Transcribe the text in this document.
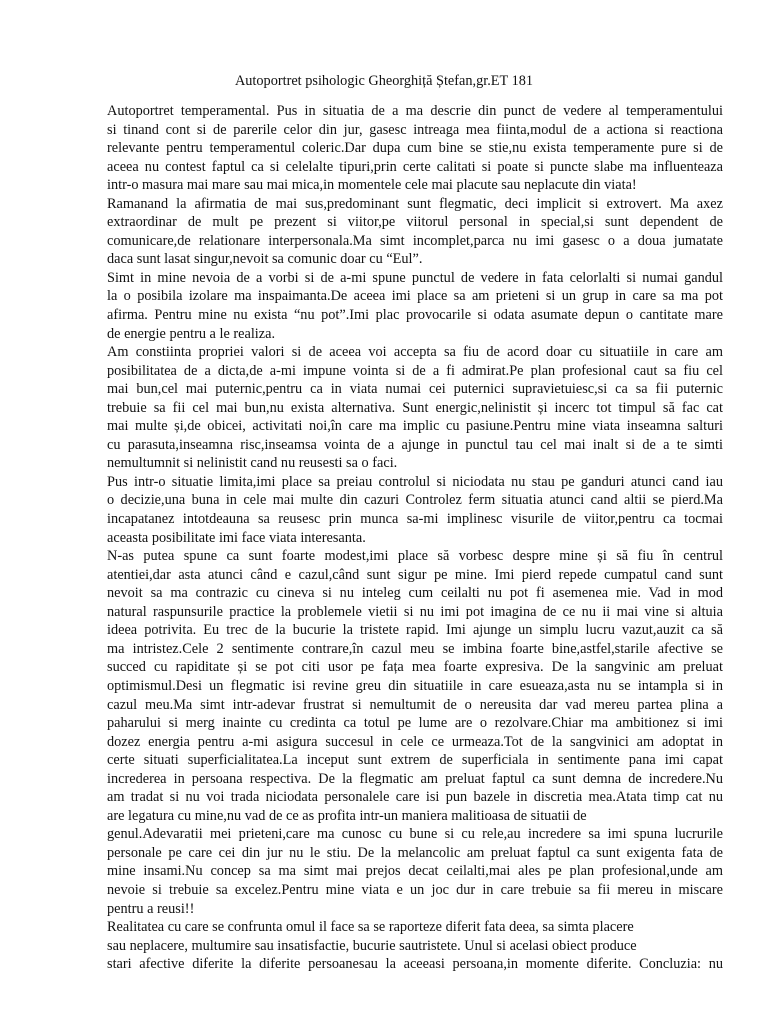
Autoportret psihologic Gheorghiță Ștefan,gr.ET 181
Autoportret temperamental. Pus in situatia de a ma descrie din punct de vedere al temperamentului
si tinand cont si de parerile celor din jur, gasesc intreaga mea fiinta,modul de a actiona si reactiona
relevante pentru temperamentul coleric.Dar dupa cum bine se stie,nu exista temperamente pure si de
aceea nu contest faptul ca si celelalte tipuri,prin certe calitati si poate si puncte slabe ma influenteaza
intr-o masura mai mare sau mai mica,in momentele cele mai placute sau neplacute din viata!
Ramanand la afirmatia de mai sus,predominant sunt flegmatic, deci implicit si extrovert. Ma axez
extraordinar de mult pe prezent si viitor,pe viitorul personal in special,si sunt dependent de
comunicare,de relationare interpersonala.Ma simt incomplet,parca nu imi gasesc o a doua jumatate
daca sunt lasat singur,nevoit sa comunic doar cu “Eul”.
Simt in mine nevoia de a vorbi si de a-mi spune punctul de vedere in fata celorlalti si numai gandul
la o posibila izolare ma inspaimanta.De aceea imi place sa am prieteni si un grup in care sa ma pot
afirma. Pentru mine nu exista “nu pot”.Imi plac provocarile si odata asumate depun o cantitate mare
de energie pentru a le realiza.
Am constiinta propriei valori si de aceea voi accepta sa fiu de acord doar cu situatiile in care am
posibilitatea de a dicta,de a-mi impune vointa si de a fi admirat.Pe plan profesional caut sa fiu cel
mai bun,cel mai puternic,pentru ca in viata numai cei puternici supravietuiesc,si ca sa fii puternic
trebuie sa fii cel mai bun,nu exista alternativa. Sunt energic,nelinistit și incerc tot timpul să fac cat
mai multe și,de obicei, activitati noi,în care ma implic cu pasiune.Pentru mine viata inseamna salturi
cu parasuta,inseamna risc,inseamsa vointa de a ajunge in punctul tau cel mai inalt si de a te simti
nemultumnit si nelinistit cand nu reusesti sa o faci.
Pus intr-o situatie limita,imi place sa preiau controlul si niciodata nu stau pe ganduri atunci cand iau
o decizie,una buna in cele mai multe din cazuri Controlez ferm situatia atunci cand altii se pierd.Ma
incapatanez intotdeauna sa reusesc prin munca sa-mi implinesc visurile de viitor,pentru ca tocmai
aceasta posibilitate imi face viata interesanta.
N-as putea spune ca sunt foarte modest,imi place să vorbesc despre mine și să fiu în centrul
atentiei,dar asta atunci când e cazul,când sunt sigur pe mine. Imi pierd repede cumpatul cand sunt
nevoit sa ma contrazic cu cineva si nu inteleg cum ceilalti nu pot fi asemenea mie. Vad in mod
natural raspunsurile practice la problemele vietii si nu imi pot imagina de ce nu ii mai vine si altuia
ideea potrivita. Eu trec de la bucurie la tristete rapid. Imi ajunge un simplu lucru vazut,auzit ca să
ma intristez.Cele 2 sentimente contrare,în cazul meu se imbina foarte bine,astfel,starile afective se
succed cu rapiditate și se pot citi usor pe fața mea foarte expresiva. De la sangvinic am preluat
optimismul.Desi un flegmatic isi revine greu din situatiile in care esueaza,asta nu se intampla si in
cazul meu.Ma simt intr-adevar frustrat si nemultumit de o nereusita dar vad mereu partea plina a
paharului si merg inainte cu credinta ca totul pe lume are o rezolvare.Chiar ma ambitionez si imi
dozez energia pentru a-mi asigura succesul in cele ce urmeaza.Tot de la sangvinici am adoptat in
certe situati superficialitatea.La inceput sunt extrem de superficiala in sentimente pana imi capat
increderea in persoana respectiva. De la flegmatic am preluat faptul ca sunt demna de incredere.Nu
am tradat si nu voi trada niciodata personalele care isi pun bazele in discretia mea.Atata timp cat nu
are legatura cu mine,nu vad de ce as profita intr-un maniera malitioasa de situatii de
genul.Adevaratii mei prieteni,care ma cunosc cu bune si cu rele,au incredere sa imi spuna lucrurile
personale pe care cei din jur nu le stiu. De la melancolic am preluat faptul ca sunt exigenta fata de
mine insami.Nu concep sa ma simt mai prejos decat ceilalti,mai ales pe plan profesional,unde am
nevoie si trebuie sa excelez.Pentru mine viata e un joc dur in care trebuie sa fii mereu in miscare
pentru a reusi!!
Realitatea cu care se confrunta omul il face sa se raporteze diferit fata deea, sa simta placere
sau neplacere, multumire sau insatisfactie, bucurie sautristete. Unul si acelasi obiect produce
stari afective diferite la diferite persoanesau la aceeasi persoana,in momente diferite. Concluzia: nu
